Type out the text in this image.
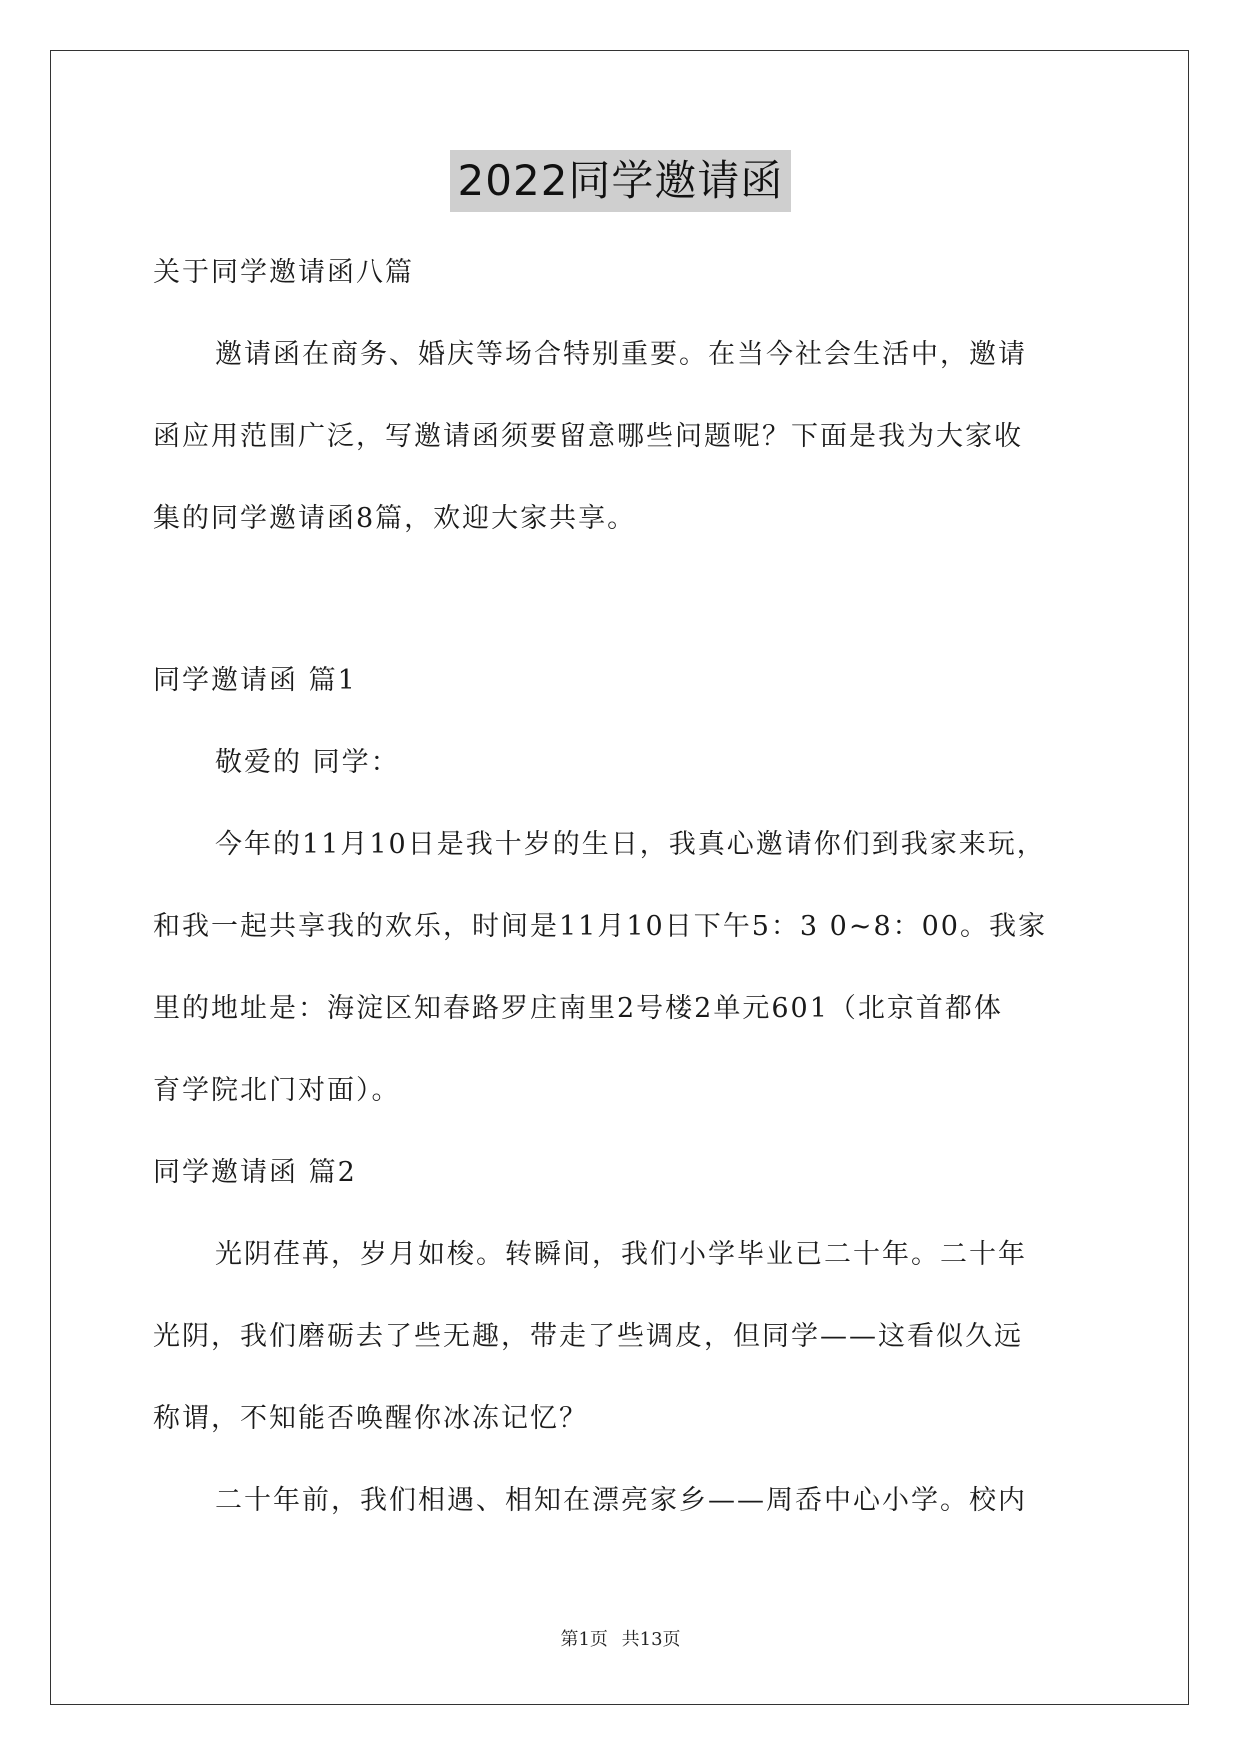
2022同学邀请函

关于同学邀请函八篇

邀请函在商务、婚庆等场合特别重要。在当今社会生活中，邀请

函应用范围广泛，写邀请函须要留意哪些问题呢？下面是我为大家收

集的同学邀请函8篇，欢迎大家共享。

同学邀请函 篇1

敬爱的 同学：

今年的11月10日是我十岁的生日，我真心邀请你们到我家来玩，

和我一起共享我的欢乐，时间是11月10日下午5：3 0~8：00。我家

里的地址是：海淀区知春路罗庄南里2号楼2单元601（北京首都体

育学院北门对面）。

同学邀请函 篇2

光阴荏苒，岁月如梭。转瞬间，我们小学毕业已二十年。二十年

光阴，我们磨砺去了些无趣，带走了些调皮，但同学——这看似久远

称谓，不知能否唤醒你冰冻记忆？

二十年前，我们相遇、相知在漂亮家乡——周岙中心小学。校内

第1页 共13页
